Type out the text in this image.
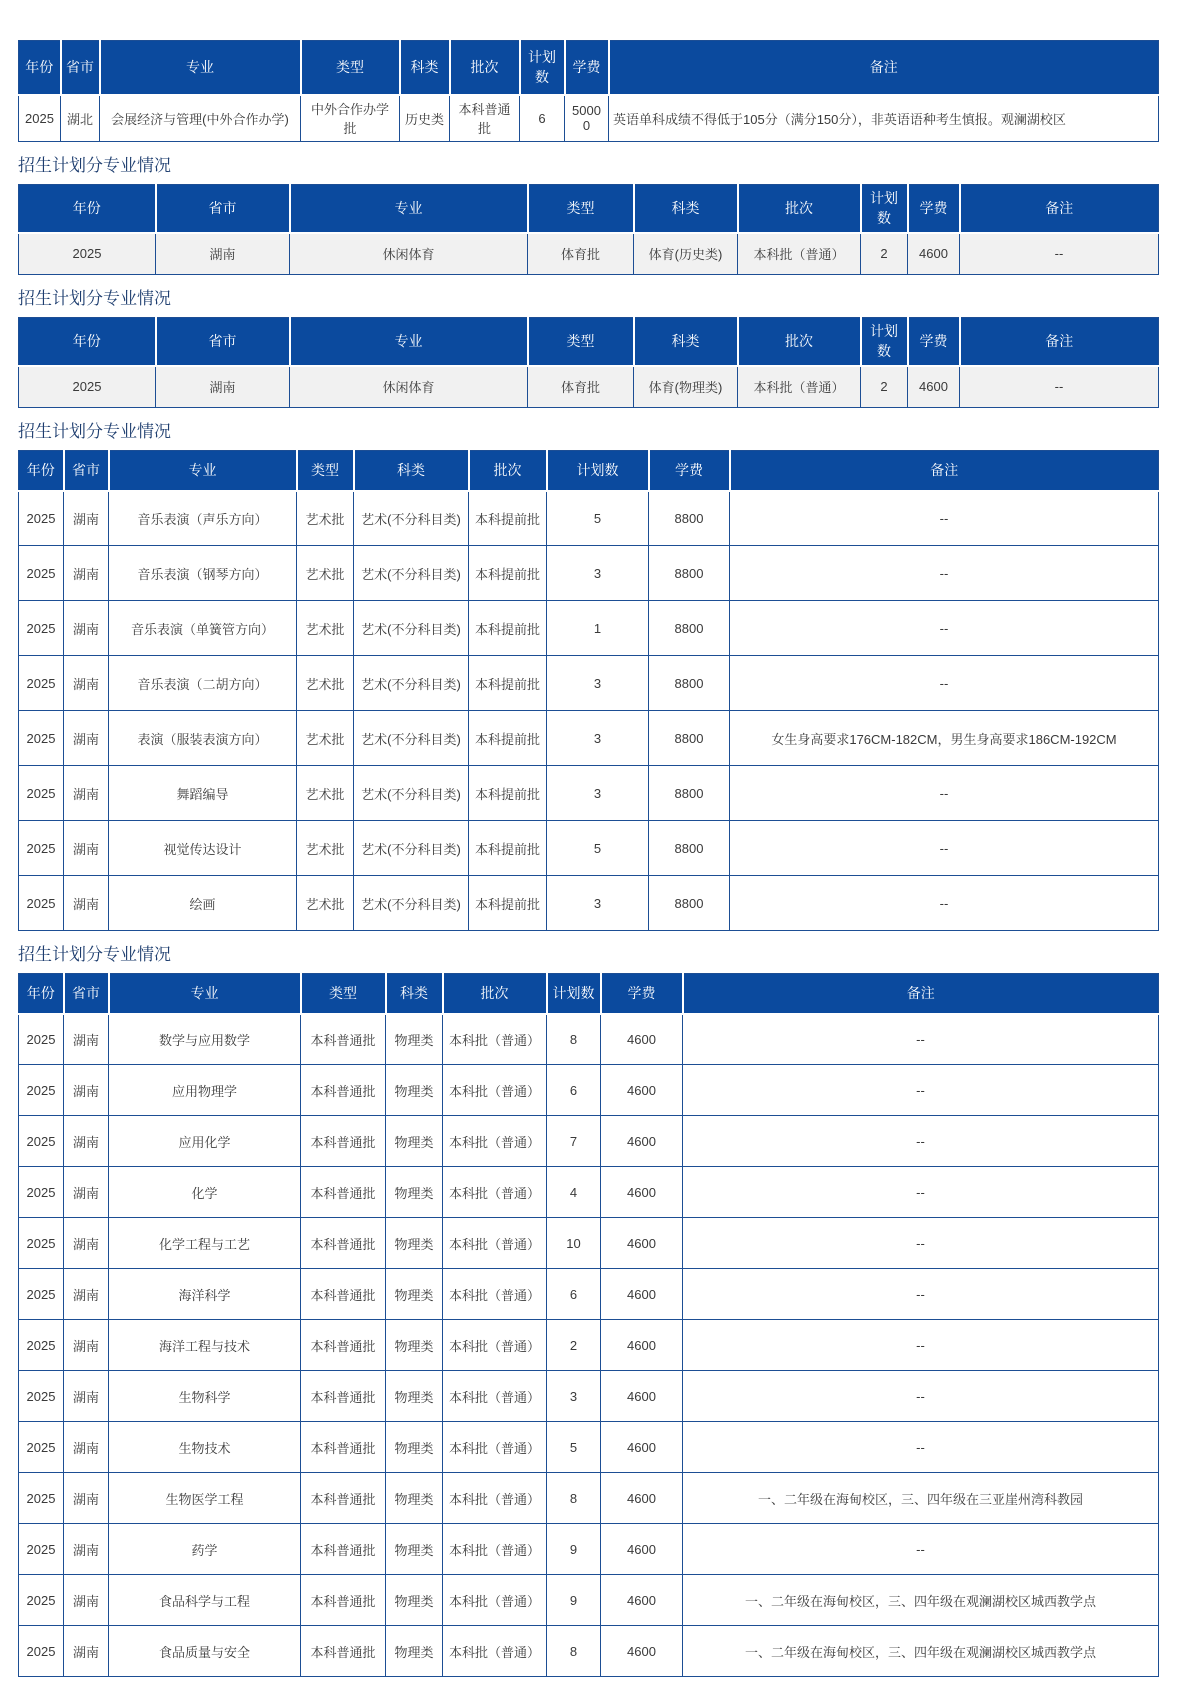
年份	省市	专业	类型	科类	批次	计划数	学费	备注
2025	湖北	会展经济与管理(中外合作办学)	中外合作办学批	历史类	本科普通批	6	50000	英语单科成绩不得低于105分（满分150分），非英语语种考生慎报。观澜湖校区
招生计划分专业情况
年份	省市	专业	类型	科类	批次	计划数	学费	备注
2025	湖南	休闲体育	体育批	体育(历史类)	本科批（普通）	2	4600	--
招生计划分专业情况
年份	省市	专业	类型	科类	批次	计划数	学费	备注
2025	湖南	休闲体育	体育批	体育(物理类)	本科批（普通）	2	4600	--
招生计划分专业情况
年份	省市	专业	类型	科类	批次	计划数	学费	备注
2025	湖南	音乐表演（声乐方向）	艺术批	艺术(不分科目类)	本科提前批	5	8800	--
2025	湖南	音乐表演（钢琴方向）	艺术批	艺术(不分科目类)	本科提前批	3	8800	--
2025	湖南	音乐表演（单簧管方向）	艺术批	艺术(不分科目类)	本科提前批	1	8800	--
2025	湖南	音乐表演（二胡方向）	艺术批	艺术(不分科目类)	本科提前批	3	8800	--
2025	湖南	表演（服装表演方向）	艺术批	艺术(不分科目类)	本科提前批	3	8800	女生身高要求176CM-182CM，男生身高要求186CM-192CM
2025	湖南	舞蹈编导	艺术批	艺术(不分科目类)	本科提前批	3	8800	--
2025	湖南	视觉传达设计	艺术批	艺术(不分科目类)	本科提前批	5	8800	--
2025	湖南	绘画	艺术批	艺术(不分科目类)	本科提前批	3	8800	--
招生计划分专业情况
年份	省市	专业	类型	科类	批次	计划数	学费	备注
2025	湖南	数学与应用数学	本科普通批	物理类	本科批（普通）	8	4600	--
2025	湖南	应用物理学	本科普通批	物理类	本科批（普通）	6	4600	--
2025	湖南	应用化学	本科普通批	物理类	本科批（普通）	7	4600	--
2025	湖南	化学	本科普通批	物理类	本科批（普通）	4	4600	--
2025	湖南	化学工程与工艺	本科普通批	物理类	本科批（普通）	10	4600	--
2025	湖南	海洋科学	本科普通批	物理类	本科批（普通）	6	4600	--
2025	湖南	海洋工程与技术	本科普通批	物理类	本科批（普通）	2	4600	--
2025	湖南	生物科学	本科普通批	物理类	本科批（普通）	3	4600	--
2025	湖南	生物技术	本科普通批	物理类	本科批（普通）	5	4600	--
2025	湖南	生物医学工程	本科普通批	物理类	本科批（普通）	8	4600	一、二年级在海甸校区，三、四年级在三亚崖州湾科教园
2025	湖南	药学	本科普通批	物理类	本科批（普通）	9	4600	--
2025	湖南	食品科学与工程	本科普通批	物理类	本科批（普通）	9	4600	一、二年级在海甸校区，三、四年级在观澜湖校区城西教学点
2025	湖南	食品质量与安全	本科普通批	物理类	本科批（普通）	8	4600	一、二年级在海甸校区，三、四年级在观澜湖校区城西教学点
